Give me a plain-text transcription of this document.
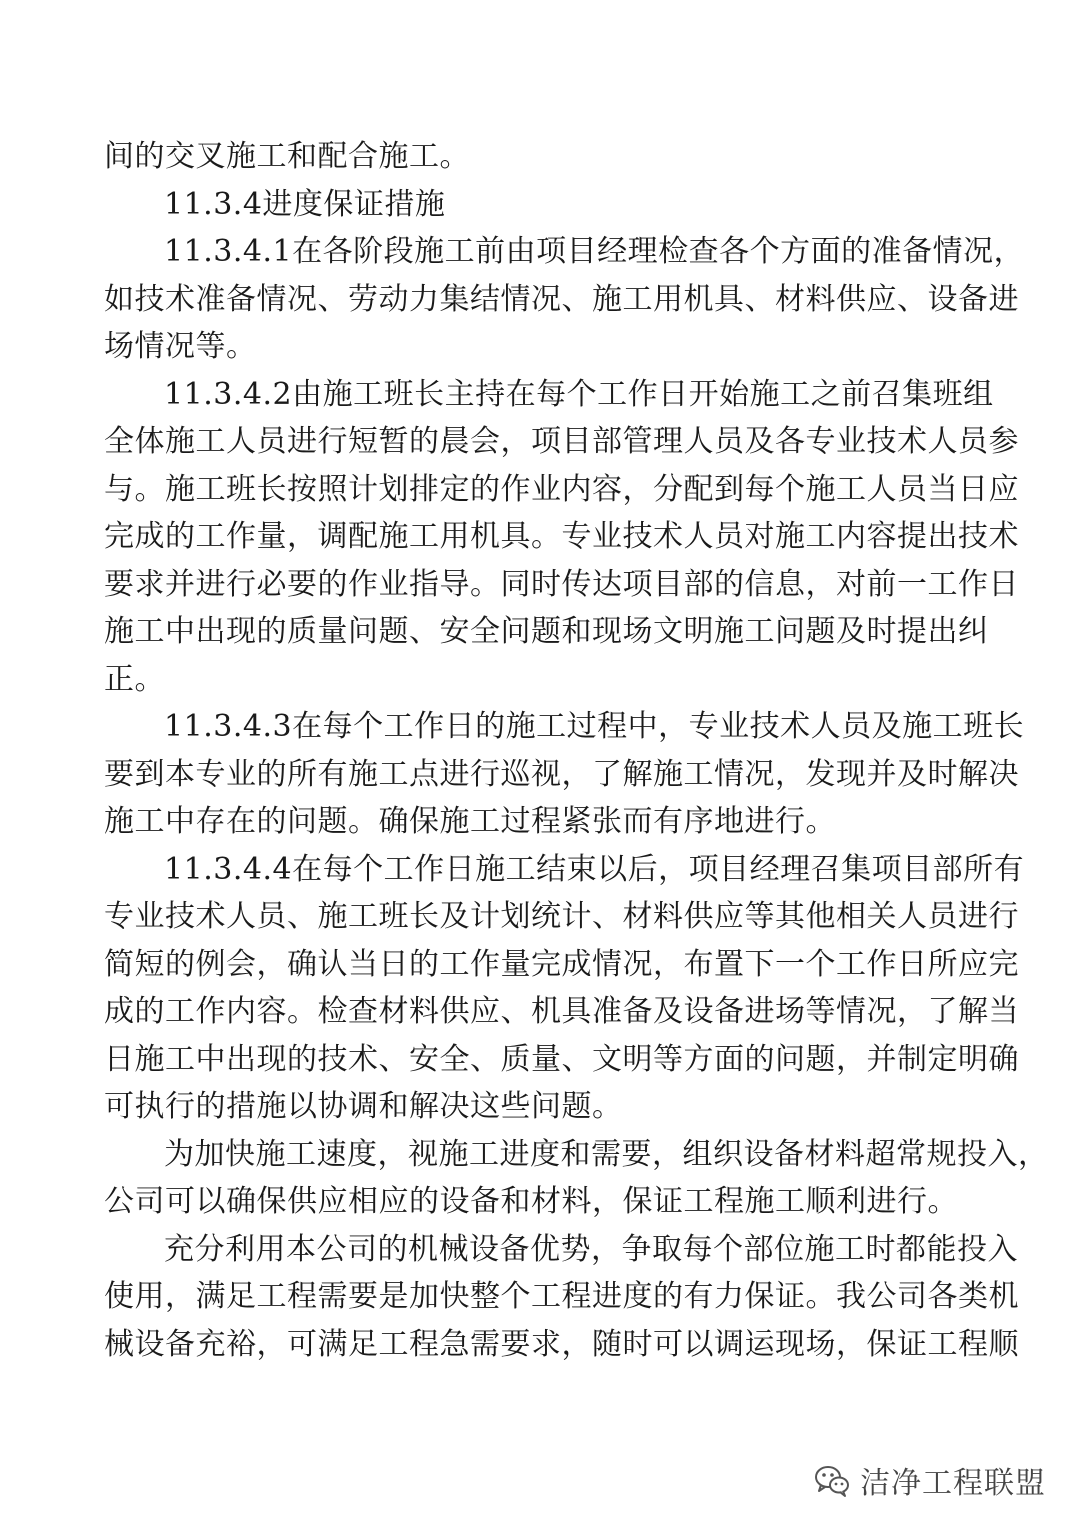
间的交叉施工和配合施工。
11.3.4进度保证措施
1 1 . 3 . 4 . 1 在 各 阶 段 施 工 前 由 项 目 经 理 检 查 各 个 方 面 的 准 备 情 况 ，
如 技 术 准 备 情 况 、 劳 动 力 集 结 情 况 、 施 工 用 机 具 、 材 料 供 应 、 设 备 进
场情况等。
1 1 . 3 . 4 . 2 由 施 工 班 长 主 持 在 每 个 工 作 日 开 始 施 工 之 前 召 集 班 组
全 体 施 工 人 员 进 行 短 暂 的 晨 会 ， 项 目 部 管 理 人 员 及 各 专 业 技 术 人 员 参
与 。 施 工 班 长 按 照 计 划 排 定 的 作 业 内 容 ， 分 配 到 每 个 施 工 人 员 当 日 应
完 成 的 工 作 量 ， 调 配 施 工 用 机 具 。 专 业 技 术 人 员 对 施 工 内 容 提 出 技 术
要 求 并 进 行 必 要 的 作 业 指 导 。 同 时 传 达 项 目 部 的 信 息 ， 对 前 一 工 作 日
施 工 中 出 现 的 质 量 问 题 、 安 全 问 题 和 现 场 文 明 施 工 问 题 及 时 提 出 纠
正。
1 1 . 3 . 4 . 3 在 每 个 工 作 日 的 施 工 过 程 中 ， 专 业 技 术 人 员 及 施 工 班 长
要 到 本 专 业 的 所 有 施 工 点 进 行 巡 视 ， 了 解 施 工 情 况 ， 发 现 并 及 时 解 决
施工中存在的问题。确保施工过程紧张而有序地进行。
1 1 . 3 . 4 . 4 在 每 个 工 作 日 施 工 结 束 以 后 ， 项 目 经 理 召 集 项 目 部 所 有
专 业 技 术 人 员 、 施 工 班 长 及 计 划 统 计 、 材 料 供 应 等 其 他 相 关 人 员 进 行
简 短 的 例 会 ， 确 认 当 日 的 工 作 量 完 成 情 况 ， 布 置 下 一 个 工 作 日 所 应 完
成 的 工 作 内 容 。 检 查 材 料 供 应 、 机 具 准 备 及 设 备 进 场 等 情 况 ， 了 解 当
日 施 工 中 出 现 的 技 术 、 安 全 、 质 量 、 文 明 等 方 面 的 问 题 ， 并 制 定 明 确
可执行的措施以协调和解决这些问题。
为 加 快 施 工 速 度 ， 视 施 工 进 度 和 需 要 ， 组 织 设 备 材 料 超 常 规 投 入 ，
公司可以确保供应相应的设备和材料，保证工程施工顺利进行。
充 分 利 用 本 公 司 的 机 械 设 备 优 势 ， 争 取 每 个 部 位 施 工 时 都 能 投 入
使 用 ， 满 足 工 程 需 要 是 加 快 整 个 工 程 进 度 的 有 力 保 证 。 我 公 司 各 类 机
械 设 备 充 裕 ， 可 满 足 工 程 急 需 要 求 ， 随 时 可 以 调 运 现 场 ， 保 证 工 程 顺
洁净工程联盟
